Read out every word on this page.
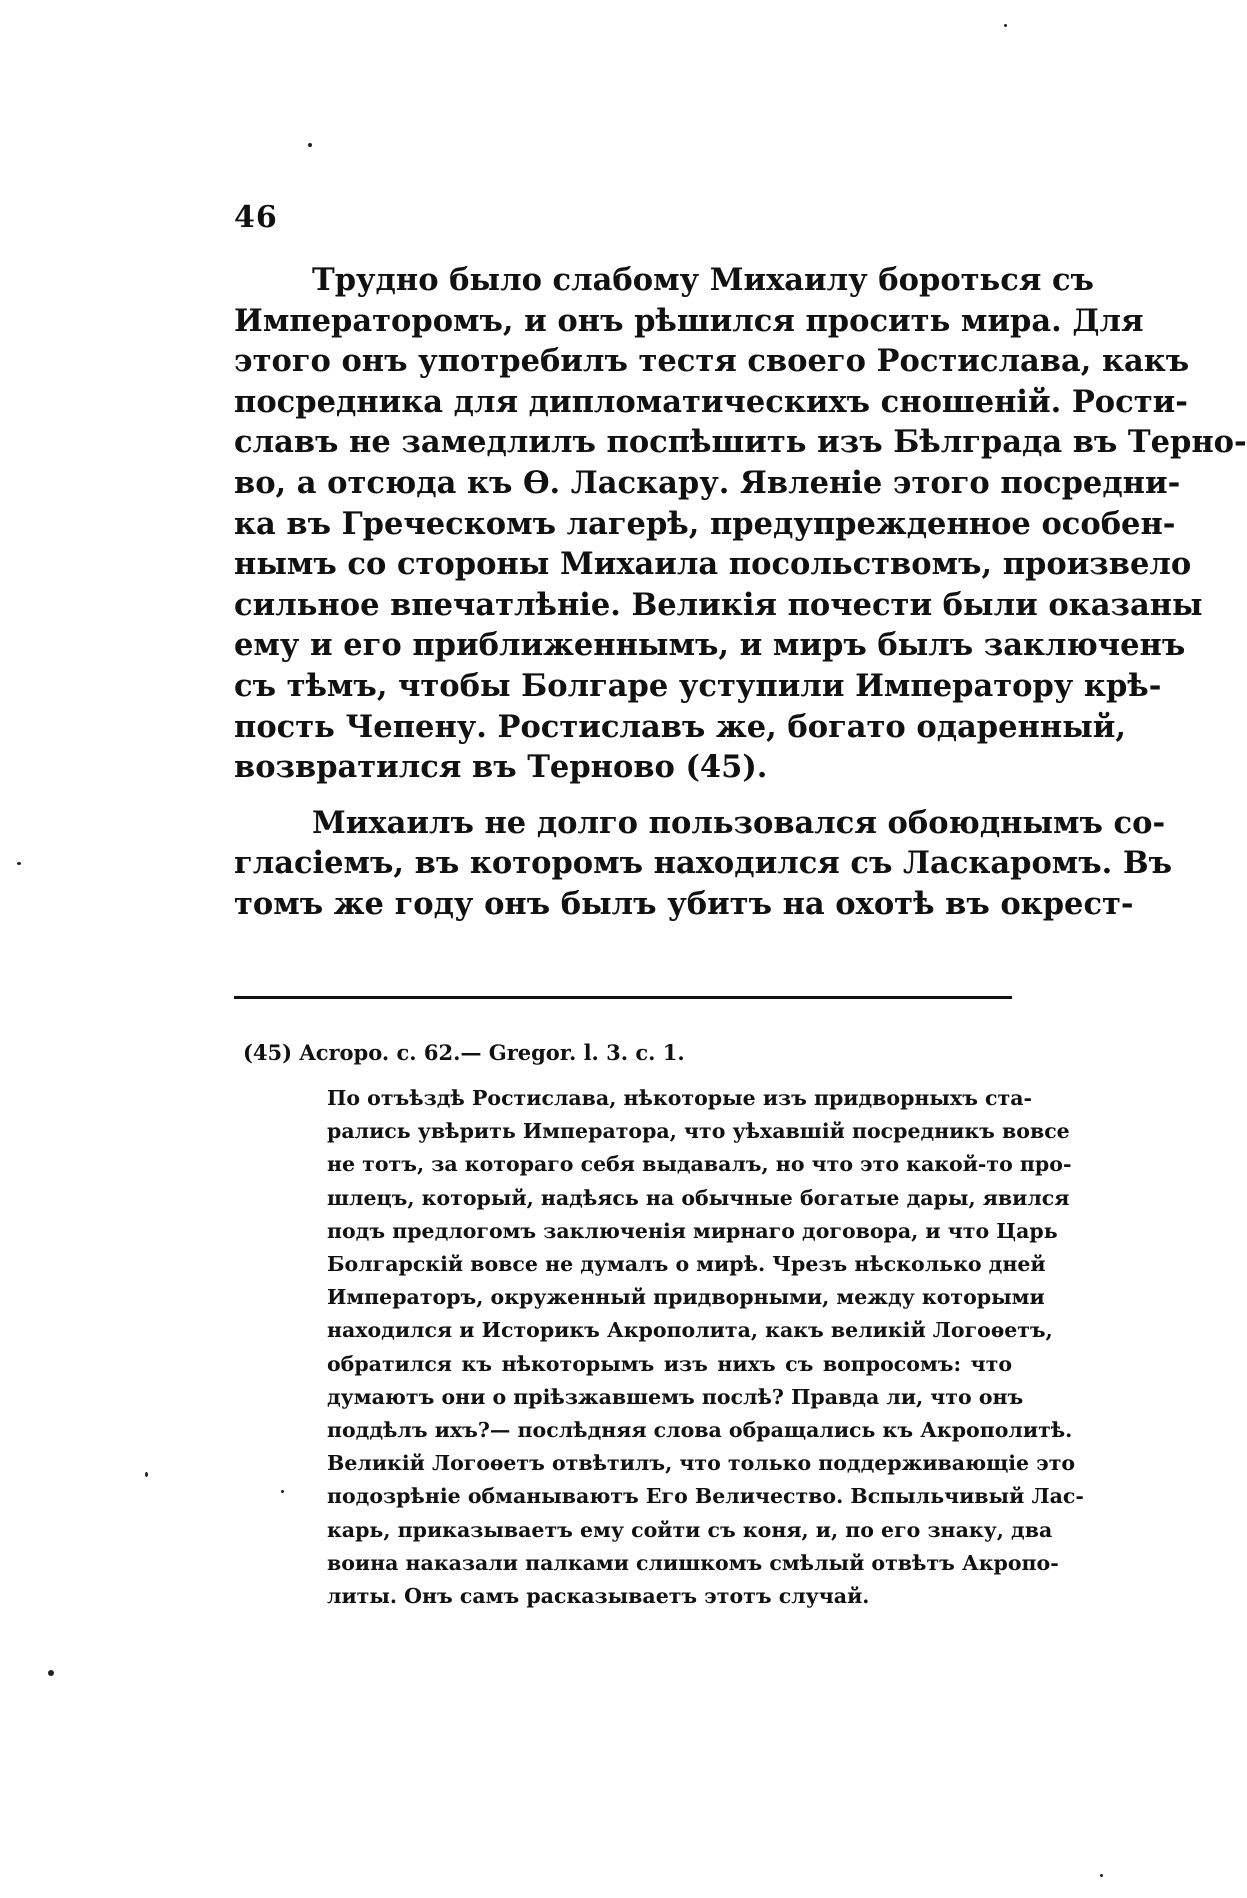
46
Трудно было слабому Михаилу бороться съ
Императоромъ, и онъ рѣшился просить мира. Для
этого онъ употребилъ тестя своего Ростислава, какъ
посредника для дипломатическихъ сношеній. Рости-
славъ не замедлилъ поспѣшить изъ Бѣлграда въ Терно-
во, а отсюда къ Ѳ. Ласкару. Явленіе этого посредни-
ка въ Греческомъ лагерѣ, предупрежденное особен-
нымъ со стороны Михаила посольствомъ, произвело
сильное впечатлѣніе. Великія почести были оказаны
ему и его приближеннымъ, и миръ былъ заключенъ
съ тѣмъ, чтобы Болгаре уступили Императору крѣ-
пость Чепену. Ростиславъ же, богато одаренный,
возвратился въ Терново (45).
Михаилъ не долго пользовался обоюднымъ со-
гласіемъ, въ которомъ находился съ Ласкаромъ. Въ
томъ же году онъ былъ убитъ на охотѣ въ окрест-
(45) Acropo. c. 62.— Gregor. l. 3. c. 1.
По отъѣздѣ Ростислава, нѣкоторые изъ придворныхъ ста-
рались увѣрить Императора, что уѣхавшій посредникъ вовсе
не тотъ, за котораго себя выдавалъ, но что это какой-то про-
шлецъ, который, надѣясь на обычные богатые дары, явился
подъ предлогомъ заключенія мирнаго договора, и что Царь
Болгарскій вовсе не думалъ о мирѣ. Чрезъ нѣсколько дней
Императоръ, окруженный придворными, между которыми
находился и Историкъ Акрополита, какъ великій Логоѳетъ,
обратился къ нѣкоторымъ изъ нихъ съ вопросомъ: что
думаютъ они о пріѣзжавшемъ послѣ? Правда ли, что онъ
поддѣлъ ихъ?— послѣдняя слова обращались къ Акрополитѣ.
Великій Логоѳетъ отвѣтилъ, что только поддерживающіе это
подозрѣніе обманываютъ Его Величество. Вспыльчивый Лас-
карь, приказываетъ ему сойти съ коня, и, по его знаку, два
воина наказали палками слишкомъ смѣлый отвѣтъ Акропо-
литы. Онъ самъ расказываетъ этотъ случай.
